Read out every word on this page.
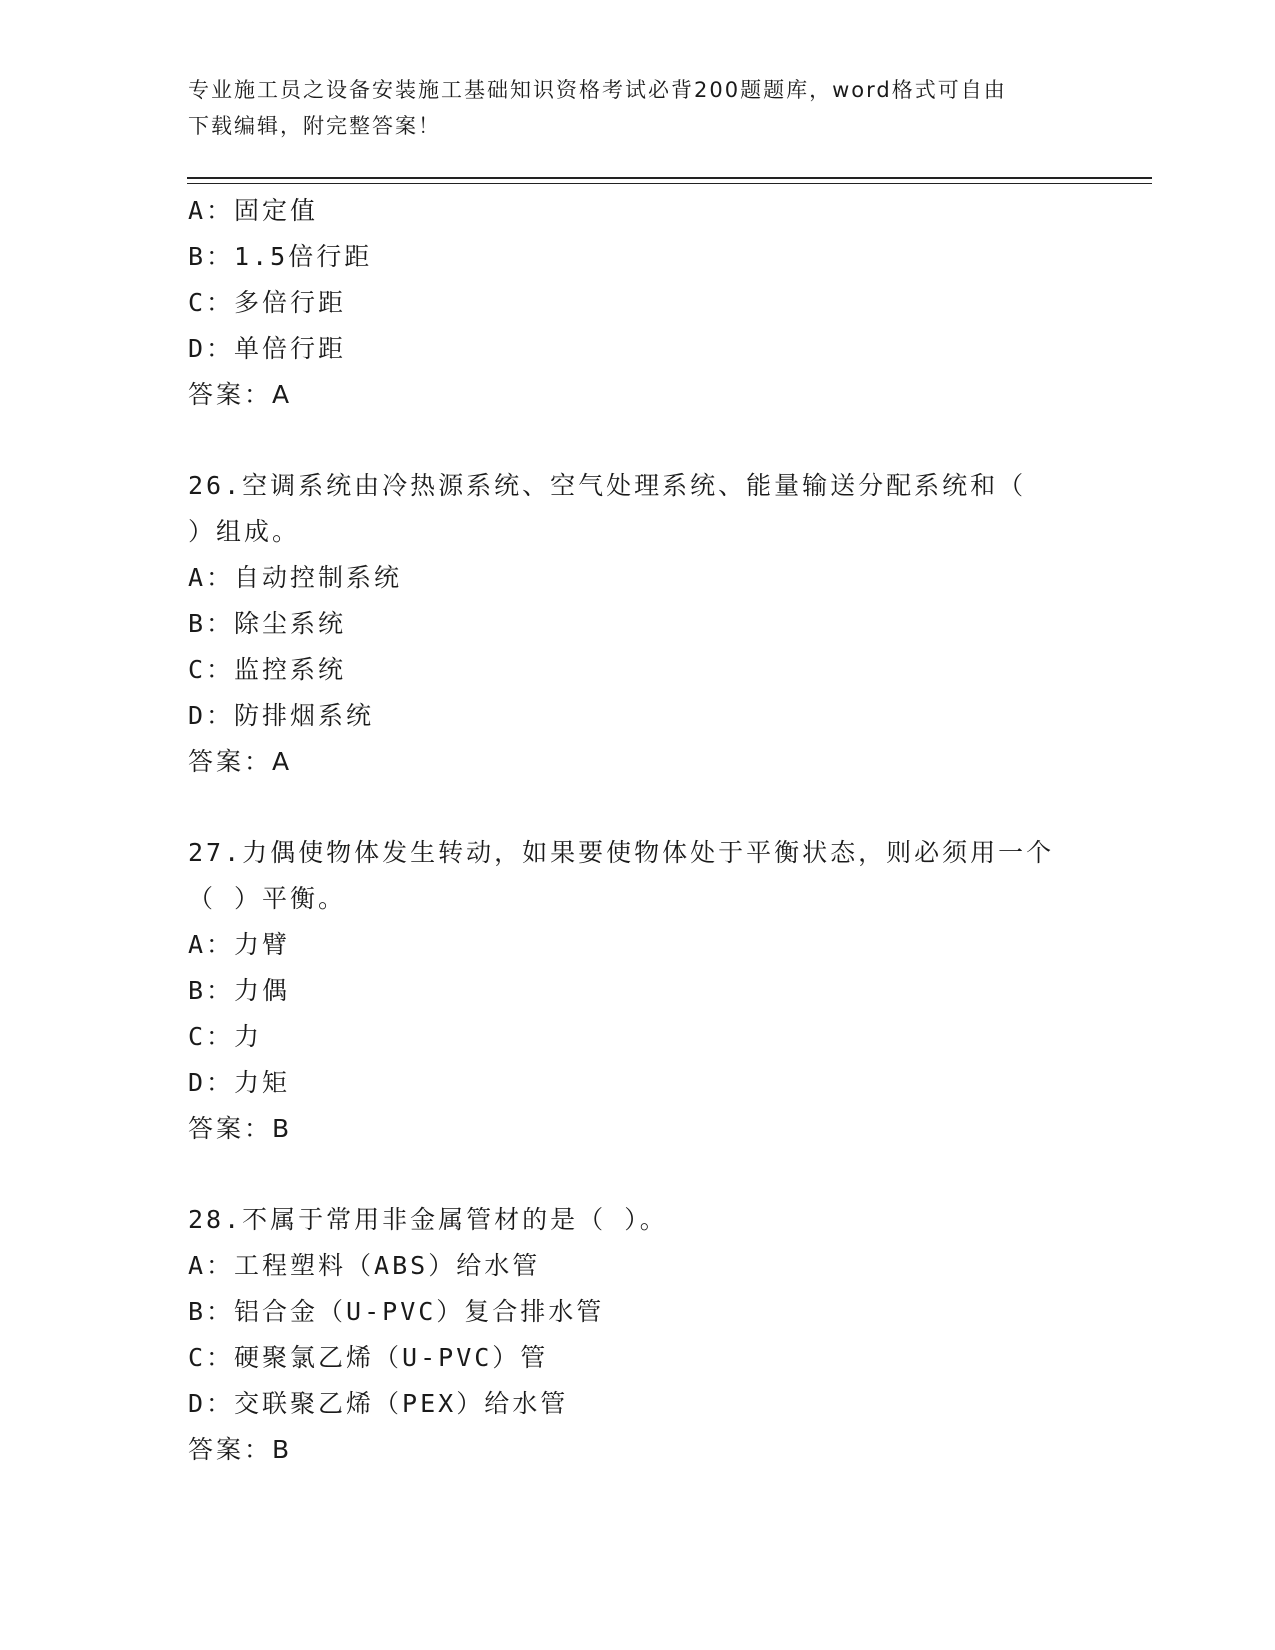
专业施工员之设备安装施工基础知识资格考试必背200题题库，word格式可自由
下载编辑，附完整答案！
A：固定值
B：1.5倍行距
C：多倍行距
D：单倍行距
答案：A
26.空调系统由冷热源系统、空气处理系统、能量输送分配系统和（
）组成。
A：自动控制系统
B：除尘系统
C：监控系统
D：防排烟系统
答案：A
27.力偶使物体发生转动，如果要使物体处于平衡状态，则必须用一个
（ ）平衡。
A：力臂
B：力偶
C：力
D：力矩
答案：B
28.不属于常用非金属管材的是（ ）。
A：工程塑料（ABS）给水管
B：铝合金（U-PVC）复合排水管
C：硬聚氯乙烯（U-PVC）管
D：交联聚乙烯（PEX）给水管
答案：B
